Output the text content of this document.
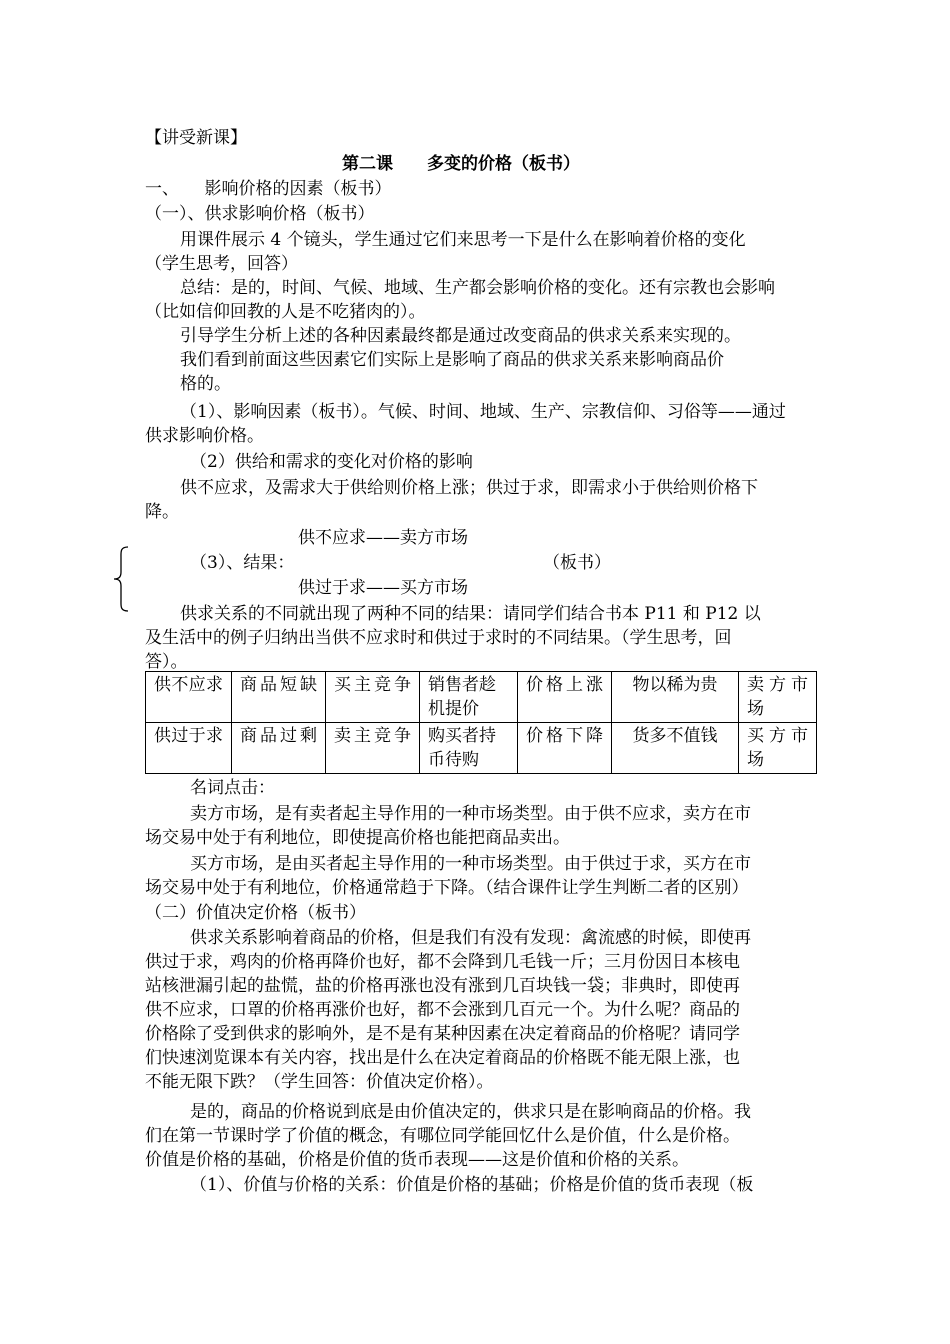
【讲受新课】
第二课　　多变的价格（板书）
一、　　影响价格的因素（板书）
（一）、供求影响价格（板书）
用课件展示 4 个镜头，学生通过它们来思考一下是什么在影响着价格的变化
（学生思考，回答）
总结：是的，时间、气候、地域、生产都会影响价格的变化。还有宗教也会影响
（比如信仰回教的人是不吃猪肉的）。
引导学生分析上述的各种因素最终都是通过改变商品的供求关系来实现的。
我们看到前面这些因素它们实际上是影响了商品的供求关系来影响商品价
格的。
（1）、影响因素（板书）。气候、时间、地域、生产、宗教信仰、习俗等——通过
供求影响价格。
（2）供给和需求的变化对价格的影响
供不应求，及需求大于供给则价格上涨；供过于求，即需求小于供给则价格下
降。
供不应求——卖方市场
（3）、结果：	（板书）
供过于求——买方市场
供求关系的不同就出现了两种不同的结果：请同学们结合书本 P11 和 P12 以
及生活中的例子归纳出当供不应求时和供过于求时的不同结果。（学生思考，回
答）。
供不应求	商品短缺	买主竞争	销售者趁机提价	价格上涨	物以稀为贵	卖方市场
供过于求	商品过剩	卖主竞争	购买者持币待购	价格下降	货多不值钱	买方市场
名词点击：
卖方市场，是有卖者起主导作用的一种市场类型。由于供不应求，卖方在市
场交易中处于有利地位，即使提高价格也能把商品卖出。
买方市场，是由买者起主导作用的一种市场类型。由于供过于求，买方在市
场交易中处于有利地位，价格通常趋于下降。（结合课件让学生判断二者的区别）
（二）价值决定价格（板书）
供求关系影响着商品的价格，但是我们有没有发现：禽流感的时候，即使再
供过于求，鸡肉的价格再降价也好，都不会降到几毛钱一斤；三月份因日本核电
站核泄漏引起的盐慌，盐的价格再涨也没有涨到几百块钱一袋；非典时，即使再
供不应求，口罩的价格再涨价也好，都不会涨到几百元一个。为什么呢？商品的
价格除了受到供求的影响外，是不是有某种因素在决定着商品的价格呢？请同学
们快速浏览课本有关内容，找出是什么在决定着商品的价格既不能无限上涨，也
不能无限下跌？（学生回答：价值决定价格）。
是的，商品的价格说到底是由价值决定的，供求只是在影响商品的价格。我
们在第一节课时学了价值的概念，有哪位同学能回忆什么是价值，什么是价格。
价值是价格的基础，价格是价值的货币表现——这是价值和价格的关系。
（1）、价值与价格的关系：价值是价格的基础；价格是价值的货币表现（板
